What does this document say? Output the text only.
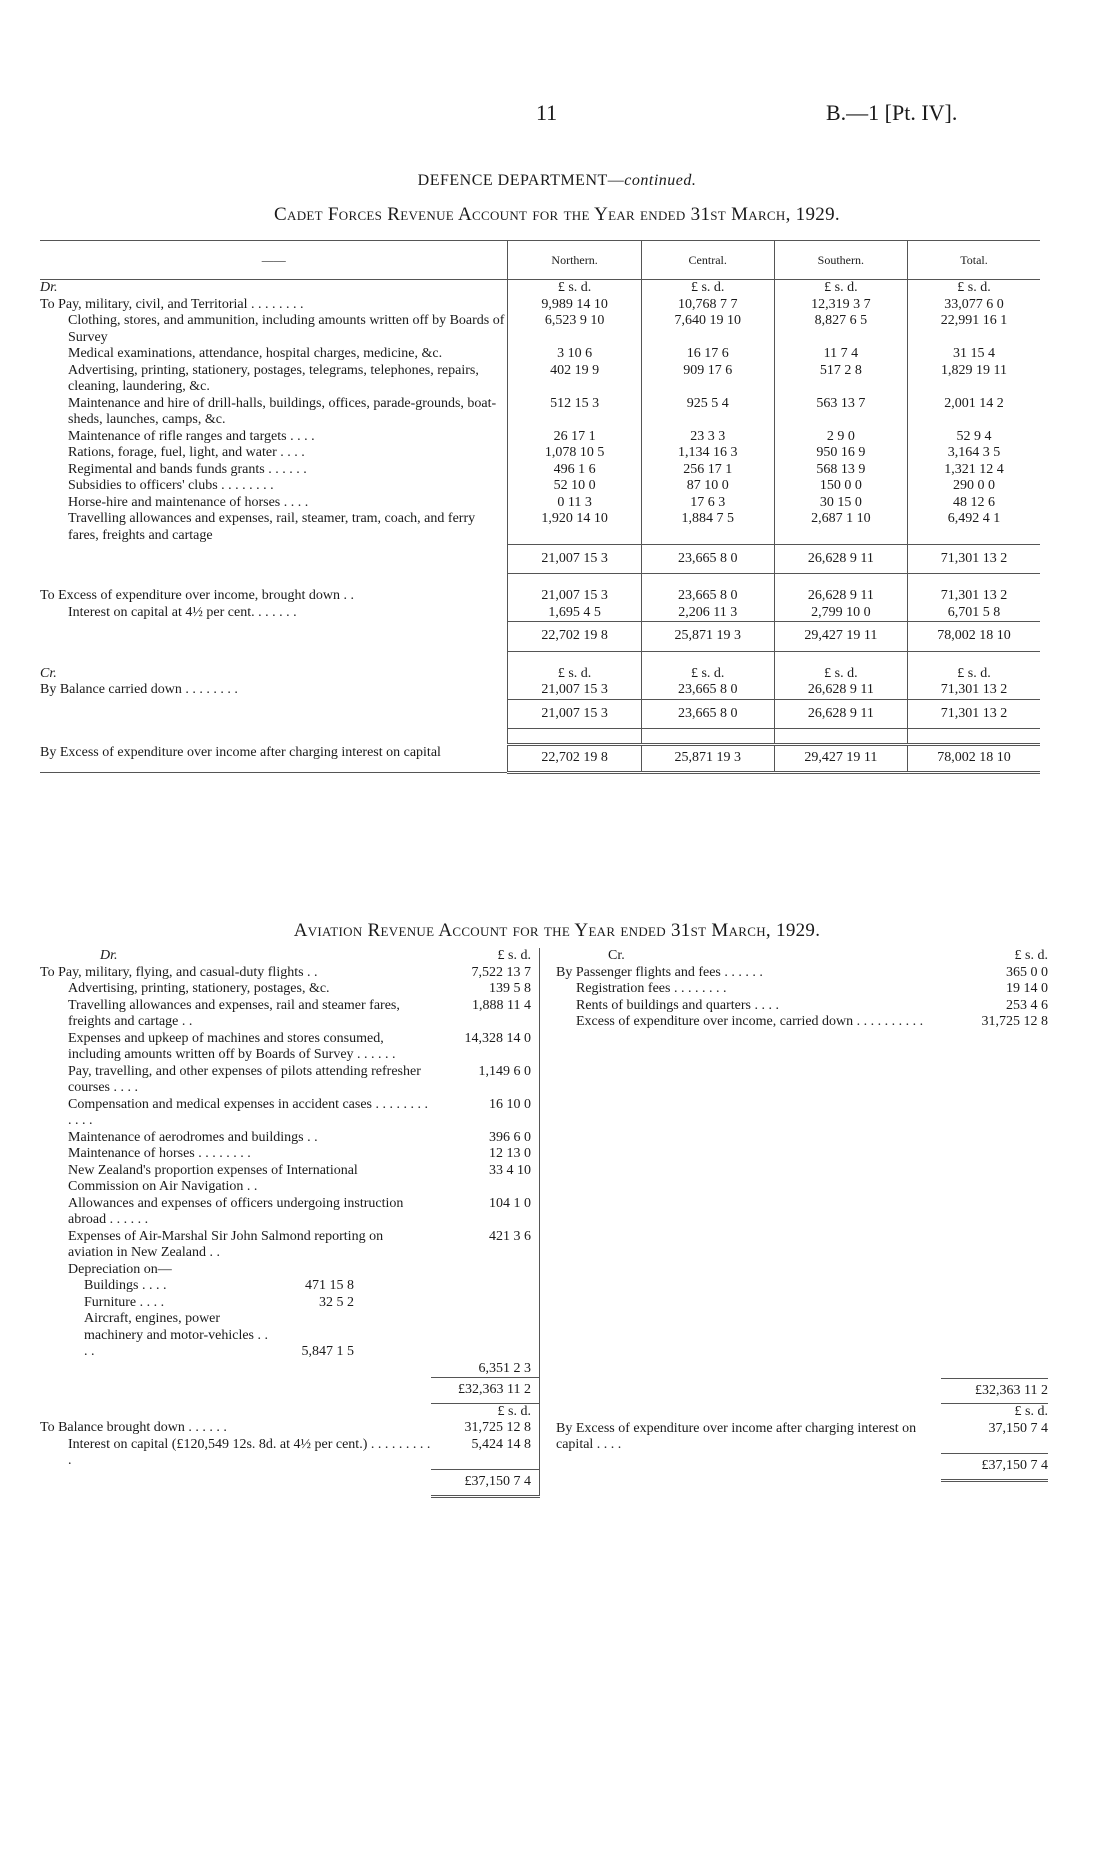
11	B.—1 [Pt. IV].
DEFENCE DEPARTMENT—continued.
Cadet Forces Revenue Account for the Year ended 31st March, 1929.
——	Northern.	Central.	Southern.	Total.
Dr.	£ s. d.	£ s. d.	£ s. d.	£ s. d.
To Pay, military, civil, and Territorial . . . . . . . .	9,989 14 10	10,768 7 7	12,319 3 7	33,077 6 0
Clothing, stores, and ammunition, including amounts written off by Boards of Survey	6,523 9 10	7,640 19 10	8,827 6 5	22,991 16 1
Medical examinations, attendance, hospital charges, medicine, &c.	3 10 6	16 17 6	11 7 4	31 15 4
Advertising, printing, stationery, postages, telegrams, telephones, repairs, cleaning, laundering, &c.	402 19 9	909 17 6	517 2 8	1,829 19 11
Maintenance and hire of drill-halls, buildings, offices, parade-grounds, boat-sheds, launches, camps, &c.	512 15 3	925 5 4	563 13 7	2,001 14 2
Maintenance of rifle ranges and targets . . . .	26 17 1	23 3 3	2 9 0	52 9 4
Rations, forage, fuel, light, and water . . . .	1,078 10 5	1,134 16 3	950 16 9	3,164 3 5
Regimental and bands funds grants . . . . . .	496 1 6	256 17 1	568 13 9	1,321 12 4
Subsidies to officers' clubs . . . . . . . .	52 10 0	87 10 0	150 0 0	290 0 0
Horse-hire and maintenance of horses . . . .	0 11 3	17 6 3	30 15 0	48 12 6
Travelling allowances and expenses, rail, steamer, tram, coach, and ferry fares, freights and cartage	1,920 14 10	1,884 7 5	2,687 1 10	6,492 4 1
	21,007 15 3	23,665 8 0	26,628 9 11	71,301 13 2

To Excess of expenditure over income, brought down . .	21,007 15 3	23,665 8 0	26,628 9 11	71,301 13 2
Interest on capital at 4½ per cent. . . . . . .	1,695 4 5	2,206 11 3	2,799 10 0	6,701 5 8
	22,702 19 8	25,871 19 3	29,427 19 11	78,002 18 10

Cr.	£ s. d.	£ s. d.	£ s. d.	£ s. d.
By Balance carried down . . . . . . . .	21,007 15 3	23,665 8 0	26,628 9 11	71,301 13 2
	21,007 15 3	23,665 8 0	26,628 9 11	71,301 13 2

By Excess of expenditure over income after charging interest on capital	22,702 19 8	25,871 19 3	29,427 19 11	78,002 18 10
Aviation Revenue Account for the Year ended 31st March, 1929.
Dr.	£ s. d.
To Pay, military, flying, and casual-duty flights . .	7,522 13 7
Advertising, printing, stationery, postages, &c.	139 5 8
Travelling allowances and expenses, rail and steamer fares, freights and cartage . .	1,888 11 4
Expenses and upkeep of machines and stores consumed, including amounts written off by Boards of Survey . . . . . .	14,328 14 0
Pay, travelling, and other expenses of pilots attending refresher courses . . . .	1,149 6 0
Compensation and medical expenses in accident cases . . . . . . . . . . . .	16 10 0
Maintenance of aerodromes and buildings . .	396 6 0
Maintenance of horses . . . . . . . .	12 13 0
New Zealand's proportion expenses of International Commission on Air Navigation . .	33 4 10
Allowances and expenses of officers undergoing instruction abroad . . . . . .	104 1 0
Expenses of Air-Marshal Sir John Salmond reporting on aviation in New Zealand . .	421 3 6
Depreciation on—	
Buildings . . . . 471 15 8	
Furniture . . . . 32 5 2	
Aircraft, engines, power machinery and motor-vehicles . . . . 5,847 1 5	
	6,351 2 3
	£32,363 11 2
	£ s. d.
To Balance brought down . . . . . .	31,725 12 8
Interest on capital (£120,549 12s. 8d. at 4½ per cent.) . . . . . . . . . .	5,424 14 8
	£37,150 7 4
Cr.	£ s. d.
By Passenger flights and fees . . . . . .	365 0 0
Registration fees . . . . . . . .	19 14 0
Rents of buildings and quarters . . . .	253 4 6
Excess of expenditure over income, carried down . . . . . . . . . .	31,725 12 8

	£32,363 11 2
	£ s. d.
By Excess of expenditure over income after charging interest on capital . . . .	37,150 7 4
	£37,150 7 4
